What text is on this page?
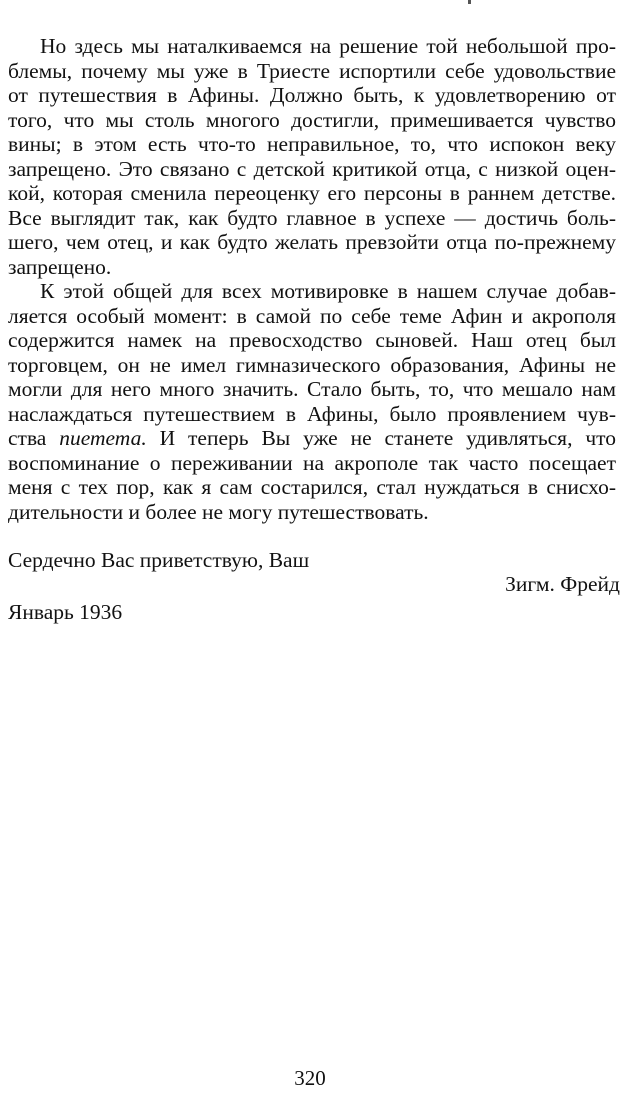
Но здесь мы наталкиваемся на решение той небольшой про-
блемы, почему мы уже в Триесте испортили себе удовольствие
от путешествия в Афины. Должно быть, к удовлетворению от
того, что мы столь многого достигли, примешивается чувство
вины; в этом есть что-то неправильное, то, что испокон веку
запрещено. Это связано с детской критикой отца, с низкой оцен-
кой, которая сменила переоценку его персоны в раннем детстве.
Все выглядит так, как будто главное в успехе — достичь боль-
шего, чем отец, и как будто желать превзойти отца по-прежнему
запрещено.

К этой общей для всех мотивировке в нашем случае добав-
ляется особый момент: в самой по себе теме Афин и акрополя
содержится намек на превосходство сыновей. Наш отец был
торговцем, он не имел гимназического образования, Афины не
могли для него много значить. Стало быть, то, что мешало нам
наслаждаться путешествием в Афины, было проявлением чув-
ства пиетета. И теперь Вы уже не станете удивляться, что
воспоминание о переживании на акрополе так часто посещает
меня с тех пор, как я сам состарился, стал нуждаться в снисхо-
дительности и более не могу путешествовать.

Сердечно Вас приветствую, Ваш
Зигм. Фрейд
Январь 1936
320
